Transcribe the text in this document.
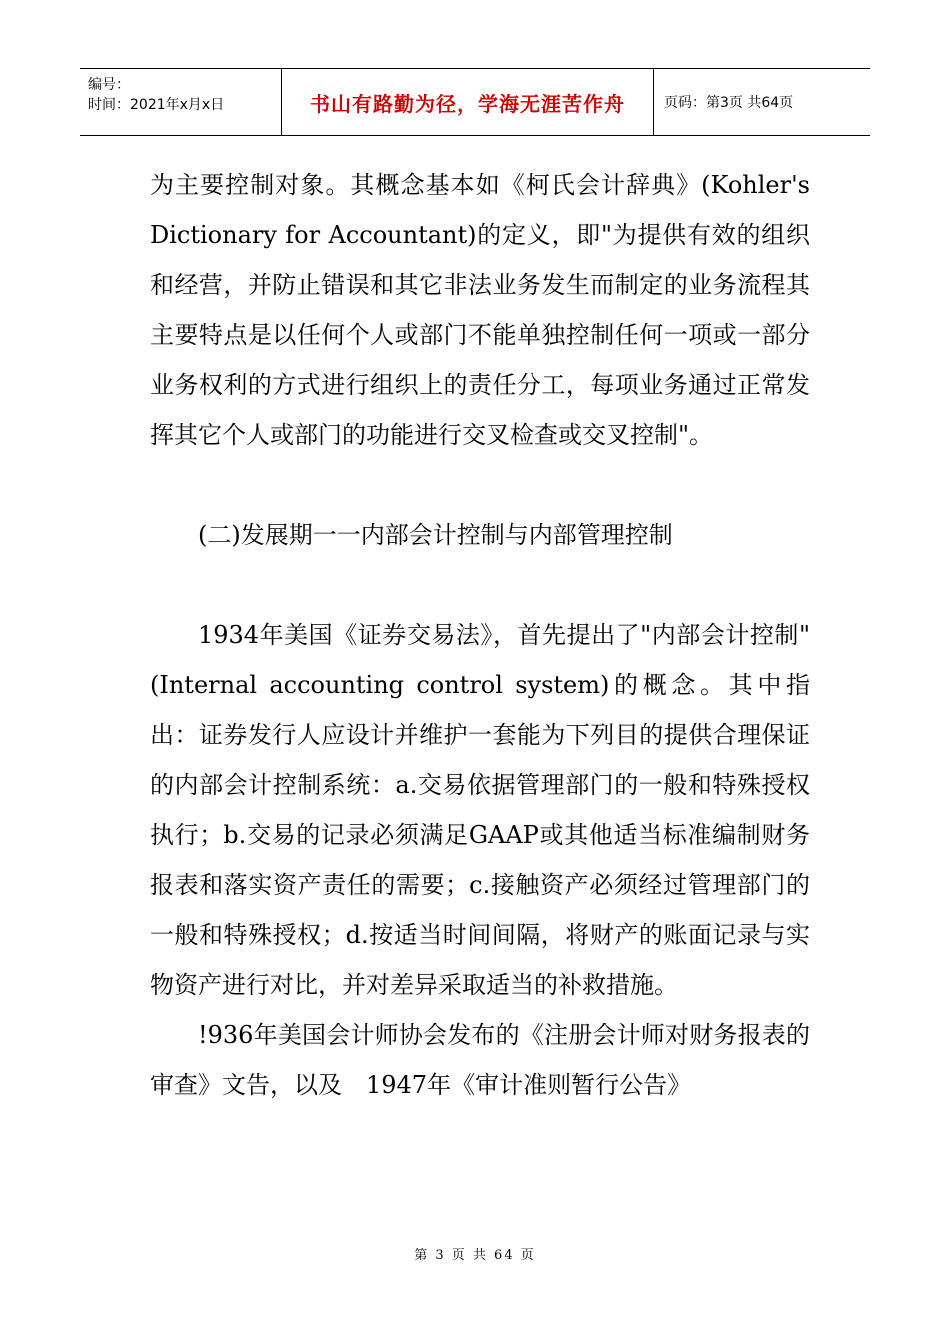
编号：
时间：2021年x月x日	书山有路勤为径，学海无涯苦作舟	页码：第3页 共64页

为主要控制对象。其概念基本如《柯氏会计辞典》(Kohler's Dictionary for Accountant)的定义，即"为提供有效的组织和经营，并防止错误和其它非法业务发生而制定的业务流程其主要特点是以任何个人或部门不能单独控制任何一项或一部分业务权利的方式进行组织上的责任分工，每项业务通过正常发挥其它个人或部门的功能进行交叉检查或交叉控制"。

(二)发展期一一内部会计控制与内部管理控制

1934年美国《证券交易法》，首先提出了"内部会计控制" (Internal accounting control system)的概念。其中指出：证券发行人应设计并维护一套能为下列目的提供合理保证的内部会计控制系统：a.交易依据管理部门的一般和特殊授权执行；b.交易的记录必须满足GAAP或其他适当标准编制财务报表和落实资产责任的需要；c.接触资产必须经过管理部门的一般和特殊授权；d.按适当时间间隔，将财产的账面记录与实物资产进行对比，并对差异采取适当的补救措施。

!936年美国会计师协会发布的《注册会计师对财务报表的审查》文告，以及　1947年《审计准则暂行公告》

第 3 页 共 64 页
